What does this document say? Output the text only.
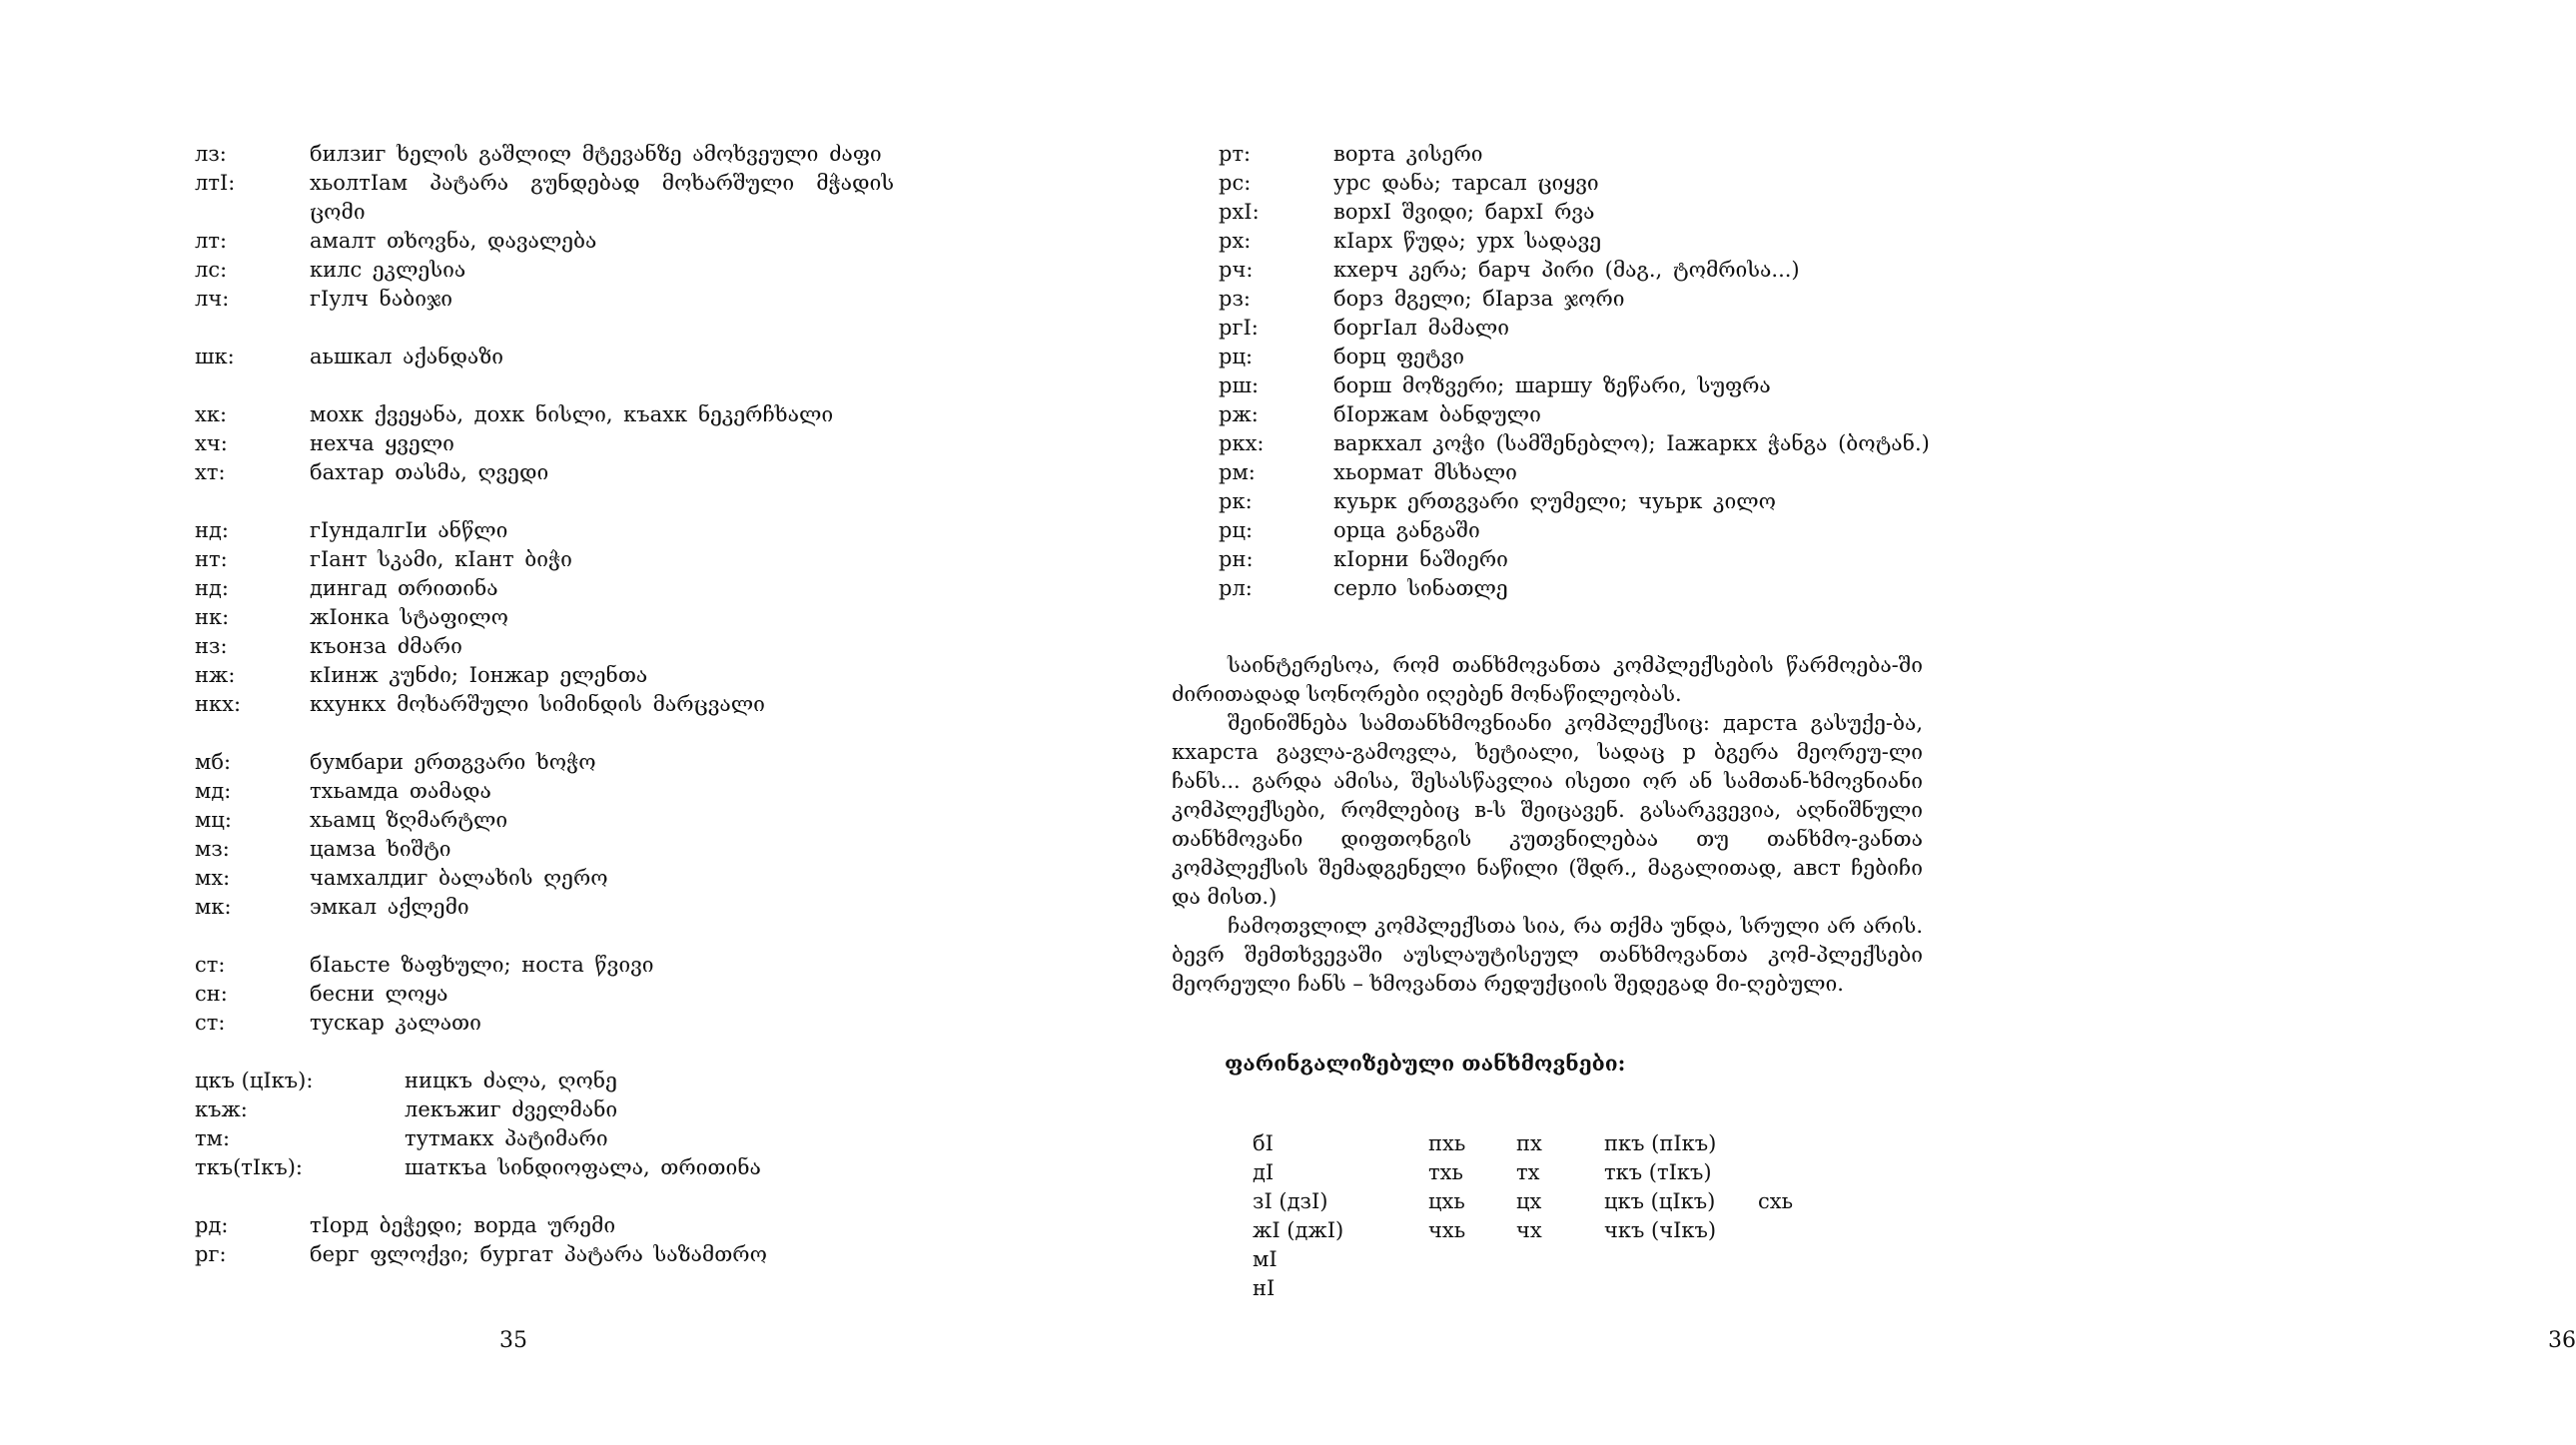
лз:	билзиг ხელის გაშლილ მტევანზე ამოხვეული ძაფი
лтI:	хьолтIам პატარა გუნდებად მოხარშული მჭადის ცომი
лт:	амалт თხოვნა, დავალება
лс:	килс ეკლესია
лч:	гIулч ნაბიჯი
шк:	аьшкал აქანდაზი
хк:	мохк ქვეყანა, дохк ნისლი, къахк ნეკერჩხალი
хч:	нехча ყველი
хт:	бахтар თასმა, ღვედი
нд:	гIундалгIи ანწლი
нт:	гIант სკამი, кIант ბიჭი
нд:	дингад თრითინა
нк:	жIонка სტაფილო
нз:	къонза ძმარი
нж:	кIинж კუნძი; Iонжар ელენთა
нкх:	кхункх მოხარშული სიმინდის მარცვალი
мб:	бумбари ერთგვარი ხოჭო
мд:	тхьамда თამადა
мц:	хьамц ზღმარტლი
мз:	цамза ხიშტი
мх:	чамхалдиг ბალახის ღერო
мк:	эмкал აქლემი
ст:	бIаьсте ზაფხული; носта წვივი
сн:	бесни ლოყა
ст:	тускар კალათი
цкъ (цIкъ):	ницкъ ძალა, ღონე
къж:	лекъжиг ძველმანი
тм:	тутмакх პატიმარი
ткъ(тIкъ):	шаткъа სინდიოფალა, თრითინა
рд:	тIорд ბეჭედი; ворда ურემი
рг:	берг ფლოქვი; бургат პატარა საზამთრო
35
рт:	ворта კისერი
рс:	урс დანა; тарсал ციყვი
рхI:	ворхI შვიდი; бархI რვა
рх:	кIарх წუდა; урх სადავე
рч:	кхерч კერა; барч პირი (მაგ., ტომრისა...)
рз:	борз მგელი; бIарза ჯორი
ргI:	боргIал მამალი
рц:	борц ფეტვი
рш:	борш მოზვერი; шаршу ზეწარი, სუფრა
рж:	бIоржам ბანდული
ркх:	варкхал კოჭი (სამშენებლო); Iажаркх ჭანგა (ბოტან.)
рм:	хьормат მსხალი
рк:	куьрк ერთგვარი ღუმელი; чуьрк კილო
рц:	орца განგაში
рн:	кIорни ნაშიერი
рл:	серло სინათლე
36

საინტერესოა, რომ თანხმოვანთა კომპლექსების წარმოება-ში ძირითადად სონორები იღებენ მონაწილეობას.

შეინიშნება სამთანხმოვნიანი კომპლექსიც: дарста გასუქე-ბა, кхарста გავლა-გამოვლა, ხეტიალი, სადაც р ბგერა მეორეუ-ლი ჩანს... გარდა ამისა, შესასწავლია ისეთი ორ ან სამთან-ხმოვნიანი კომპლექსები, რომლებიც в-ს შეიცავენ. გასარკვევია, აღნიშნული თანხმოვანი დიფთონგის კუთვნილებაა თუ თანხმო-ვანთა კომპლექსის შემადგენელი ნაწილი (შდრ., მაგალითად, авст ჩებიჩი და მისთ.)

ჩამოთვლილ კომპლექსთა სია, რა თქმა უნდა, სრული არ არის. ბევრ შემთხვევაში აუსლაუტისეულ თანხმოვანთა კომ-პლექსები მეორეული ჩანს – ხმოვანთა რედუქციის შედეგად მი-ღებული.

ფარინგალიზებული თანხმოვნები:
бI	пхь	пх	пкъ (пIкъ)	
дI	тхь	тх	ткъ (тIкъ)	
зI (дзI)	цхь	цх	цкъ (цIкъ)	схь
жI (джI)	чхь	чх	чкъ (чIкъ)	
мI				
нI				
